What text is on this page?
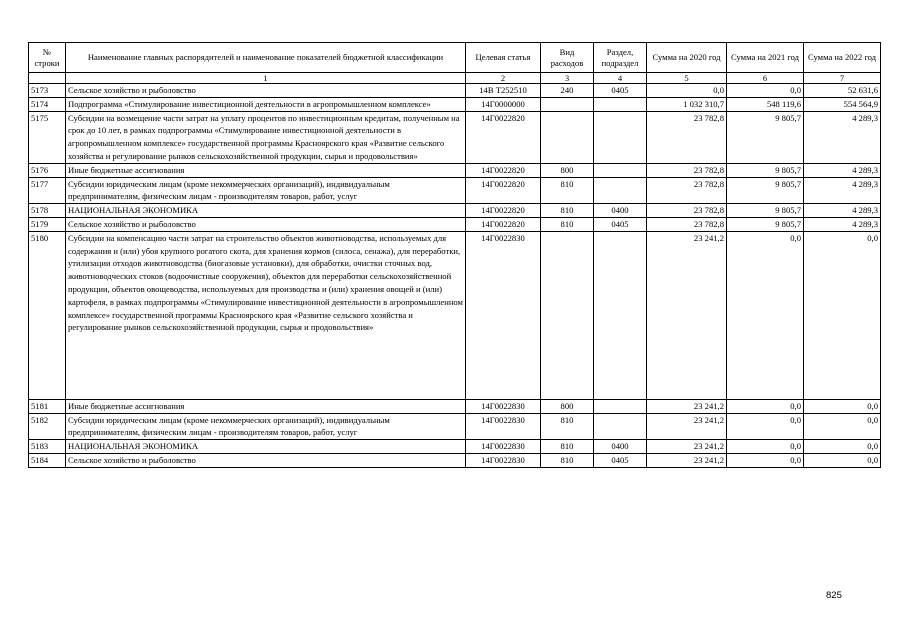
№ строки	Наименование главных распорядителей и наименование показателей бюджетной классификации	Целевая статья	Вид расходов	Раздел, подраздел	Сумма на 2020 год	Сумма на 2021 год	Сумма на 2022 год
	1	2	3	4	5	6	7
5173	Сельское хозяйство и рыболовство	14В Т252510	240	0405	0,0	0,0	52 631,6
5174	Подпрограмма «Стимулирование инвестиционной деятельности в агропромышленном комплексе»	14Г0000000			1 032 310,7	548 119,6	554 564,9
5175	Субсидии на возмещение части затрат на уплату процентов по инвестиционным кредитам, полученным на срок до 10 лет, в рамках подпрограммы «Стимулирование инвестиционной деятельности в агропромышленном комплексе» государственной программы Красноярского края «Развитие сельского хозяйства и регулирование рынков сельскохозяйственной продукции, сырья и продовольствия»	14Г0022820			23 782,8	9 805,7	4 289,3
5176	Иные бюджетные ассигнования	14Г0022820	800		23 782,8	9 805,7	4 289,3
5177	Субсидии юридическим лицам (кроме некоммерческих организаций), индивидуальным предпринимателям, физическим лицам - производителям товаров, работ, услуг	14Г0022820	810		23 782,8	9 805,7	4 289,3
5178	НАЦИОНАЛЬНАЯ ЭКОНОМИКА	14Г0022820	810	0400	23 782,8	9 805,7	4 289,3
5179	Сельское хозяйство и рыболовство	14Г0022820	810	0405	23 782,8	9 805,7	4 289,3
5180	Субсидии на компенсацию части затрат на строительство объектов животноводства, используемых для содержания и (или) убоя крупного рогатого скота, для хранения кормов (силоса, сенажа), для переработки, утилизации отходов животноводства (биогазовые установки), для обработки, очистки сточных вод, животноводческих стоков (водоочистные сооружения), объектов для переработки сельскохозяйственной продукции, объектов овощеводства, используемых для производства и (или) хранения овощей и (или) картофеля, в рамках подпрограммы «Стимулирование инвестиционной деятельности в агропромышленном комплексе» государственной программы Красноярского края «Развитие сельского хозяйства и регулирование рынков сельскохозяйственной продукции, сырья и продовольствия»	14Г0022830			23 241,2	0,0	0,0
5181	Иные бюджетные ассигнования	14Г0022830	800		23 241,2	0,0	0,0
5182	Субсидии юридическим лицам (кроме некоммерческих организаций), индивидуальным предпринимателям, физическим лицам - производителям товаров, работ, услуг	14Г0022830	810		23 241,2	0,0	0,0
5183	НАЦИОНАЛЬНАЯ ЭКОНОМИКА	14Г0022830	810	0400	23 241,2	0,0	0,0
5184	Сельское хозяйство и рыболовство	14Г0022830	810	0405	23 241,2	0,0	0,0
825
